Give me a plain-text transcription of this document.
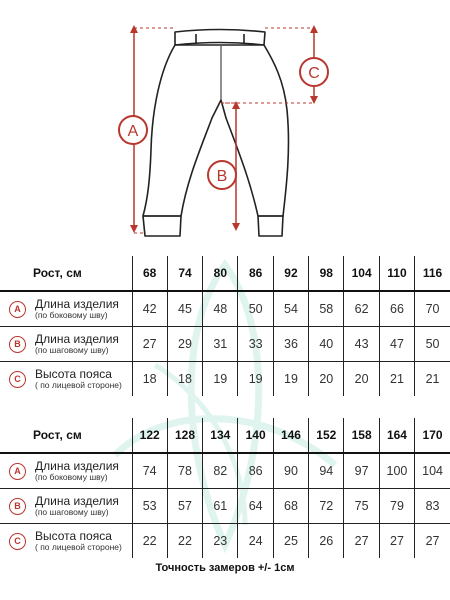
A
B
C
Рост, см	68	74	80	86	92	98	104	110	116

A Длина изделия
(по боковому шву)	42	45	48	50	54	58	62	66	70

B Длина изделия
(по шаговому шву)	27	29	31	33	36	40	43	47	50

C Высота пояса
( по лицевой стороне)	18	18	19	19	19	20	20	21	21
Рост, см	122	128	134	140	146	152	158	164	170

A Длина изделия
(по боковому шву)	74	78	82	86	90	94	97	100	104

B Длина изделия
(по шаговому шву)	53	57	61	64	68	72	75	79	83

C Высота пояса
( по лицевой стороне)	22	22	23	24	25	26	27	27	27
Точность замеров +/- 1см
